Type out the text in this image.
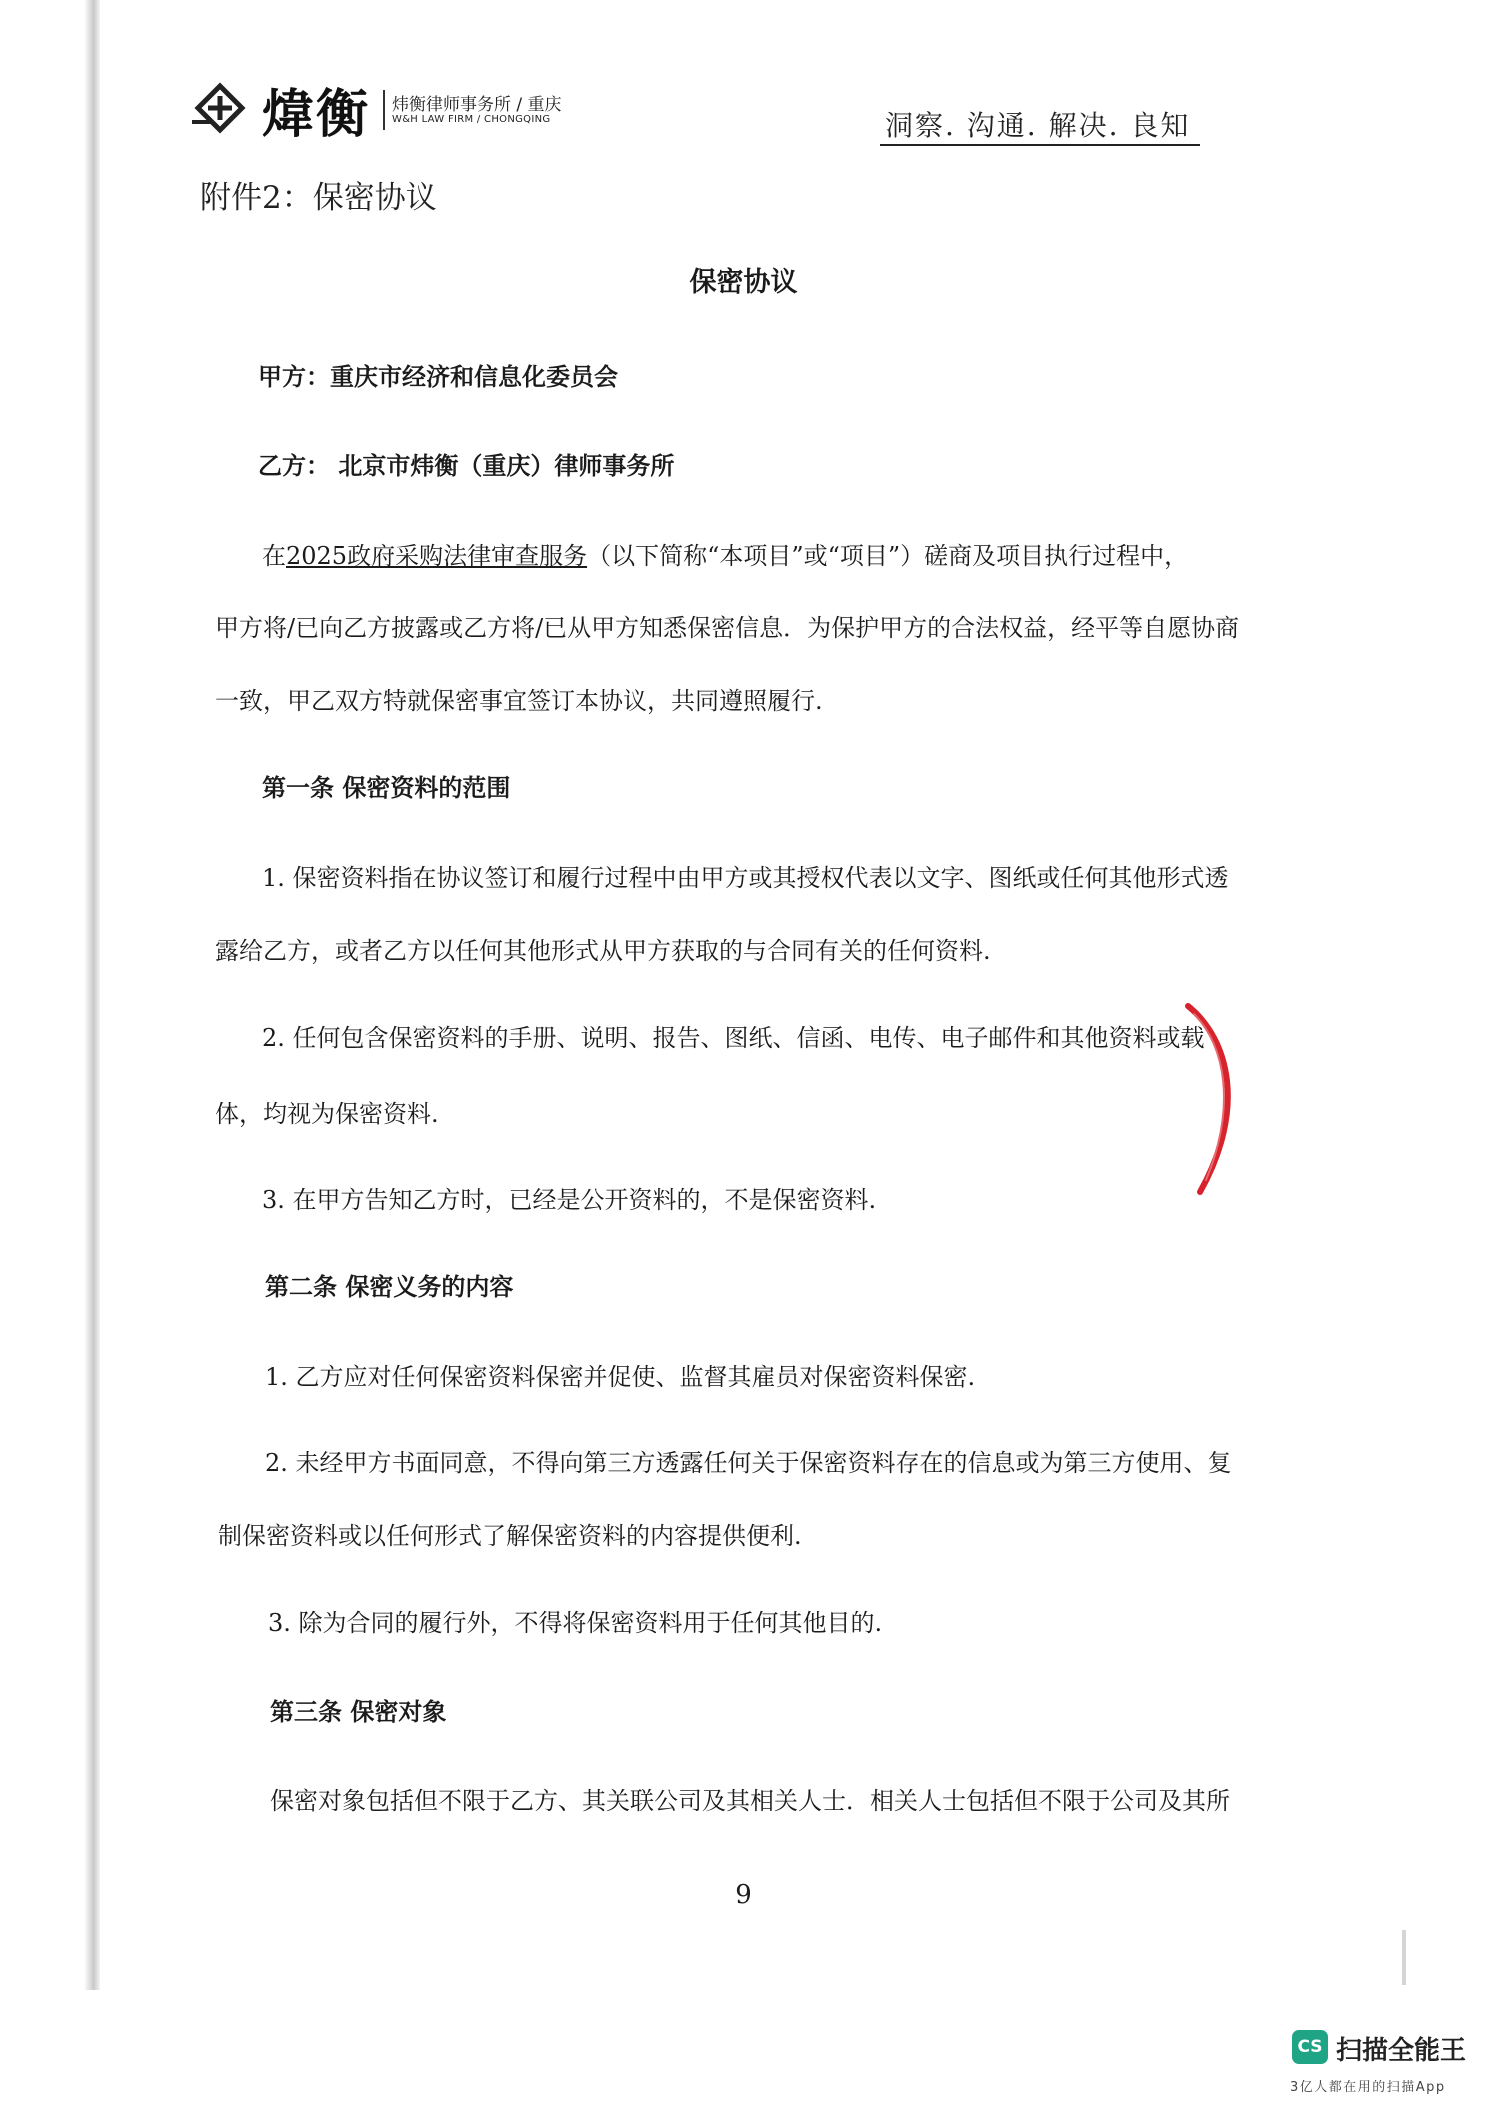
煒衡 炜衡律师事务所 / 重庆
W&H LAW FIRM / CHONGQING	洞察. 沟通. 解决. 良知
附件2：保密协议
保密协议
甲方：重庆市经济和信息化委员会
乙方： 北京市炜衡（重庆）律师事务所
在2025政府采购法律审查服务（以下简称“本项目”或“项目”）磋商及项目执行过程中，
甲方将/已向乙方披露或乙方将/已从甲方知悉保密信息．为保护甲方的合法权益，经平等自愿协商
一致，甲乙双方特就保密事宜签订本协议，共同遵照履行.
第一条 保密资料的范围
1. 保密资料指在协议签订和履行过程中由甲方或其授权代表以文字、图纸或任何其他形式透
露给乙方，或者乙方以任何其他形式从甲方获取的与合同有关的任何资料.
2. 任何包含保密资料的手册、说明、报告、图纸、信函、电传、电子邮件和其他资料或载
体，均视为保密资料.
3. 在甲方告知乙方时，已经是公开资料的，不是保密资料.
第二条 保密义务的内容
1. 乙方应对任何保密资料保密并促使、监督其雇员对保密资料保密.
2. 未经甲方书面同意，不得向第三方透露任何关于保密资料存在的信息或为第三方使用、复
制保密资料或以任何形式了解保密资料的内容提供便利.
3. 除为合同的履行外，不得将保密资料用于任何其他目的.
第三条 保密对象
保密对象包括但不限于乙方、其关联公司及其相关人士．相关人士包括但不限于公司及其所
9
CS 扫描全能王
3亿人都在用的扫描App
